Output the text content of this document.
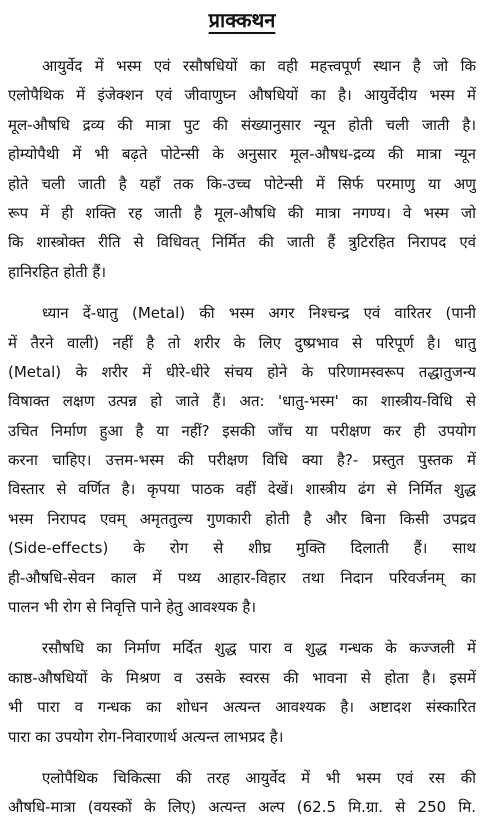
प्राक्कथन
आयुर्वेद में भस्म एवं रसौषधियों का वही महत्त्वपूर्ण स्थान है जो कि
एलोपैथिक में इंजेक्शन एवं जीवाणुघ्न औषधियों का है। आयुर्वेदीय भस्म में
मूल-औषधि द्रव्य की मात्रा पुट की संख्यानुसार न्यून होती चली जाती है।
होम्योपैथी में भी बढ़ते पोटेन्सी के अनुसार मूल-औषध-द्रव्य की मात्रा न्यून
होते चली जाती है यहाँ तक कि-उच्च पोटेन्सी में सिर्फ परमाणु या अणु
रूप में ही शक्ति रह जाती है मूल-औषधि की मात्रा नगण्य। वे भस्म जो
कि शास्त्रोक्त रीति से विधिवत् निर्मित की जाती हैं त्रुटिरहित निरापद एवं
हानिरहित होती हैं।
ध्यान दें-धातु (Metal) की भस्म अगर निश्चन्द्र एवं वारितर (पानी
में तैरने वाली) नहीं है तो शरीर के लिए दुष्प्रभाव से परिपूर्ण है। धातु
(Metal) के शरीर में धीरे-धीरे संचय होने के परिणामस्वरूप तद्धातुजन्य
विषाक्त लक्षण उत्पन्न हो जाते हैं। अत: 'धातु-भस्म' का शास्त्रीय-विधि से
उचित निर्माण हुआ है या नहीं? इसकी जाँच या परीक्षण कर ही उपयोग
करना चाहिए। उत्तम-भस्म की परीक्षण विधि क्या है?- प्रस्तुत पुस्तक में
विस्तार से वर्णित है। कृपया पाठक वहीं देखें। शास्त्रीय ढंग से निर्मित शुद्ध
भस्म निरापद एवम् अमृततुल्य गुणकारी होती है और बिना किसी उपद्रव
(Side-effects) के रोग से शीघ्र मुक्ति दिलाती हैं। साथ
ही-औषधि-सेवन काल में पथ्य आहार-विहार तथा निदान परिवर्जनम् का
पालन भी रोग से निवृत्ति पाने हेतु आवश्यक है।
रसौषधि का निर्माण मर्दित शुद्ध पारा व शुद्ध गन्धक के कज्जली में
काष्ठ-औषधियों के मिश्रण व उसके स्वरस की भावना से होता है। इसमें
भी पारा व गन्धक का शोधन अत्यन्त आवश्यक है। अष्टादश संस्कारित
पारा का उपयोग रोग-निवारणार्थ अत्यन्त लाभप्रद है।
एलोपैथिक चिकित्सा की तरह आयुर्वेद में भी भस्म एवं रस की
औषधि-मात्रा (वयस्कों के लिए) अत्यन्त अल्प (62.5 मि.ग्रा. से 250 मि.
